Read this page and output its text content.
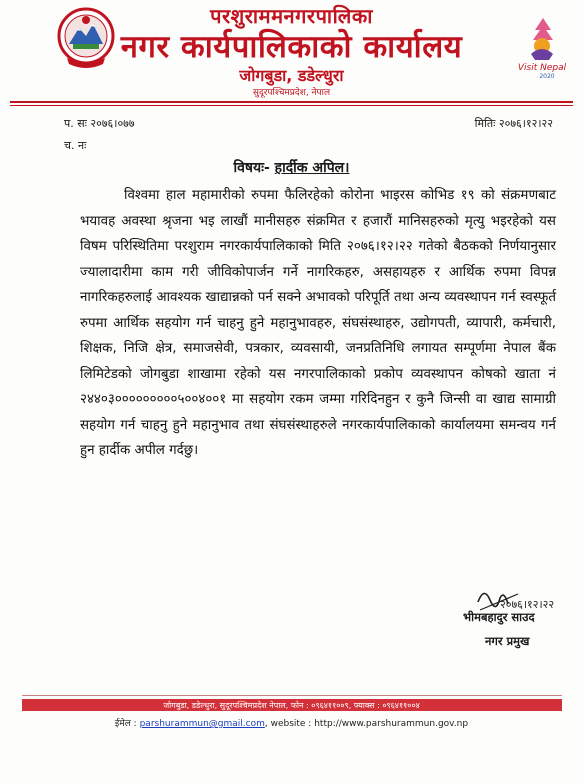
परशुराममनगरपालिका
नगर कार्यपालिकाको कार्यालय
जोगबुडा, डडेल्धुरा
सुदूरपश्चिमप्रदेश, नेपाल
Visit Nepal
2020
प. सः २०७६।०७७	मितिः २०७६।१२।२२
च. नः
विषयः- हार्दीक अपिल।
विश्वमा हाल महामारीको रुपमा फैलिरहेको कोरोना भाइरस कोभिड १९ को संक्रमणबाट भयावह अवस्था श्रृजना भइ लाखौं मानीसहरु संक्रमित र हजारौं मानिसहरुको मृत्यु भइरहेको यस विषम परिस्थितिमा परशुराम नगरकार्यपालिकाको मिति २०७६।१२।२२ गतेको बैठकको निर्णयानुसार ज्यालादारीमा काम गरी जीविकोपार्जन गर्ने नागरिकहरु, असहायहरु र आर्थिक रुपमा विपन्न नागरिकहरुलाई आवश्यक खाद्यान्नको पर्न सक्ने अभावको परिपूर्ति तथा अन्य व्यवस्थापन गर्न स्वस्फूर्त रुपमा आर्थिक सहयोग गर्न चाहनु हुने महानुभावहरु, संघसंस्थाहरु, उद्योगपती, व्यापारी, कर्मचारी, शिक्षक, निजि क्षेत्र, समाजसेवी, पत्रकार, व्यवसायी, जनप्रतिनिधि लगायत सम्पूर्णमा नेपाल बैंक लिमिटेडको जोगबुडा शाखामा रहेको यस नगरपालिकाको प्रकोप व्यवस्थापन कोषको खाता नं २४४०३०००००००००५००४००१ मा सहयोग रकम जम्मा गरिदिनहुन र कुनै जिन्सी वा खाद्य सामाग्री सहयोग गर्न चाहनु हुने महानुभाव तथा संघसंस्थाहरुले नगरकार्यपालिकाको कार्यालयमा समन्वय गर्न हुन हार्दीक अपील गर्दछु।
२०७६।१२।२२
भीमबहादुर साउद
नगर प्रमुख
जोगबुडा, डडेल्धुरा, सुदूरपश्चिमप्रदेश नेपाल, फोन : ०९६४११००९, फ्याक्स : ०९६४११००४
ईमेल : parshurammun@gmail.com, website : http://www.parshurammun.gov.np
